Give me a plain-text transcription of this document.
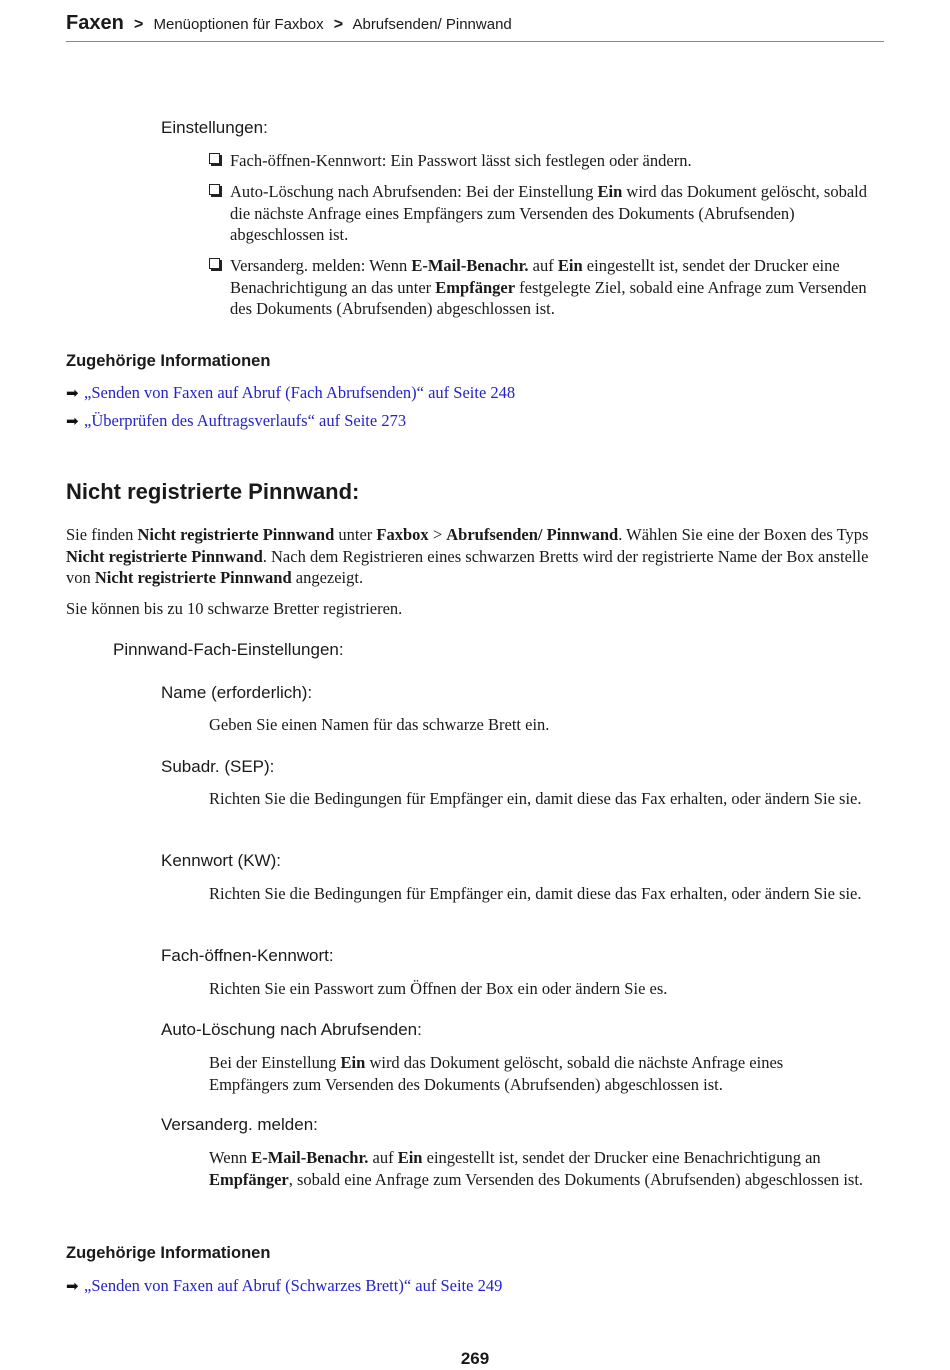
Faxen > Menüoptionen für Faxbox > Abrufsenden/ Pinnwand
Einstellungen:
Fach-öffnen-Kennwort: Ein Passwort lässt sich festlegen oder ändern.
Auto-Löschung nach Abrufsenden: Bei der Einstellung Ein wird das Dokument gelöscht, sobald die nächste Anfrage eines Empfängers zum Versenden des Dokuments (Abrufsenden) abgeschlossen ist.
Versanderg. melden: Wenn E-Mail-Benachr. auf Ein eingestellt ist, sendet der Drucker eine Benachrichtigung an das unter Empfänger festgelegte Ziel, sobald eine Anfrage zum Versenden des Dokuments (Abrufsenden) abgeschlossen ist.
Zugehörige Informationen
➡ „Senden von Faxen auf Abruf (Fach Abrufsenden)“ auf Seite 248
➡ „Überprüfen des Auftragsverlaufs“ auf Seite 273
Nicht registrierte Pinnwand:
Sie finden Nicht registrierte Pinnwand unter Faxbox > Abrufsenden/ Pinnwand. Wählen Sie eine der Boxen des Typs Nicht registrierte Pinnwand. Nach dem Registrieren eines schwarzen Bretts wird der registrierte Name der Box anstelle von Nicht registrierte Pinnwand angezeigt.
Sie können bis zu 10 schwarze Bretter registrieren.
Pinnwand-Fach-Einstellungen:
Name (erforderlich):
Geben Sie einen Namen für das schwarze Brett ein.
Subadr. (SEP):
Richten Sie die Bedingungen für Empfänger ein, damit diese das Fax erhalten, oder ändern Sie sie.
Kennwort (KW):
Richten Sie die Bedingungen für Empfänger ein, damit diese das Fax erhalten, oder ändern Sie sie.
Fach-öffnen-Kennwort:
Richten Sie ein Passwort zum Öffnen der Box ein oder ändern Sie es.
Auto-Löschung nach Abrufsenden:
Bei der Einstellung Ein wird das Dokument gelöscht, sobald die nächste Anfrage eines Empfängers zum Versenden des Dokuments (Abrufsenden) abgeschlossen ist.
Versanderg. melden:
Wenn E-Mail-Benachr. auf Ein eingestellt ist, sendet der Drucker eine Benachrichtigung an Empfänger, sobald eine Anfrage zum Versenden des Dokuments (Abrufsenden) abgeschlossen ist.
Zugehörige Informationen
➡ „Senden von Faxen auf Abruf (Schwarzes Brett)“ auf Seite 249
269
